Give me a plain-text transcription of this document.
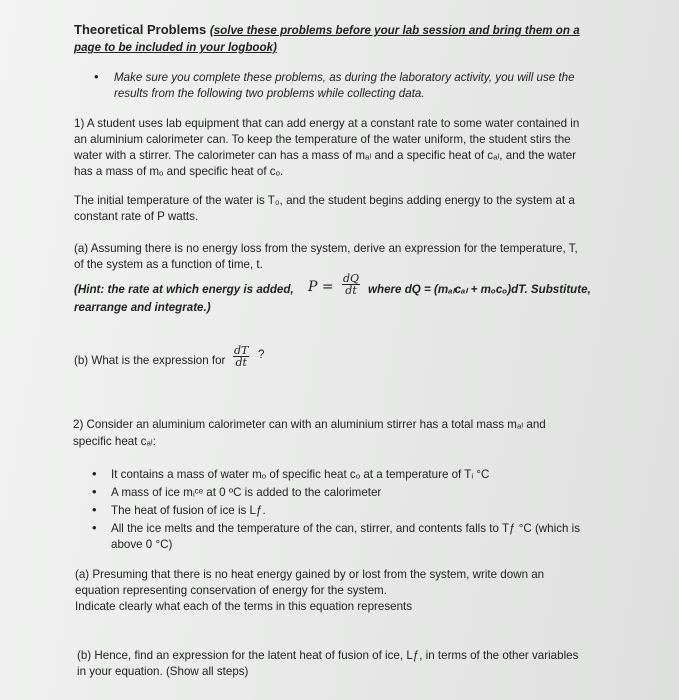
Theoretical Problems (solve these problems before your lab session and bring them on a
page to be included in your logbook)
• Make sure you complete these problems, as during the laboratory activity, you will use the
results from the following two problems while collecting data.
1) A student uses lab equipment that can add energy at a constant rate to some water contained in
an aluminium calorimeter can. To keep the temperature of the water uniform, the student stirs the
water with a stirrer. The calorimeter can has a mass of mₐₗ and a specific heat of cₐₗ, and the water
has a mass of mₒ and specific heat of cₒ.
The initial temperature of the water is T₀, and the student begins adding energy to the system at a
constant rate of P watts.
(a) Assuming there is no energy loss from the system, derive an expression for the temperature, T,
of the system as a function of time, t.
(Hint: the rate at which energy is added, $P = \frac{dQ}{dt}$ where dQ = (mₐₗcₐₗ + mₒcₒ)dT. Substitute,
rearrange and integrate.)
(b) What is the expression for $\frac{dT}{dt}$ ?
2) Consider an aluminium calorimeter can with an aluminium stirrer has a total mass mₐₗ and
specific heat cₐₗ:
• It contains a mass of water mₒ of specific heat cₒ at a temperature of Tᵢ °C
• A mass of ice mᵢᶜᵉ at 0 ºC is added to the calorimeter
• The heat of fusion of ice is Lƒ.
• All the ice melts and the temperature of the can, stirrer, and contents falls to Tƒ °C (which is
above 0 °C)
(a) Presuming that there is no heat energy gained by or lost from the system, write down an
equation representing conservation of energy for the system.
Indicate clearly what each of the terms in this equation represents
(b) Hence, find an expression for the latent heat of fusion of ice, Lƒ, in terms of the other variables
in your equation. (Show all steps)
